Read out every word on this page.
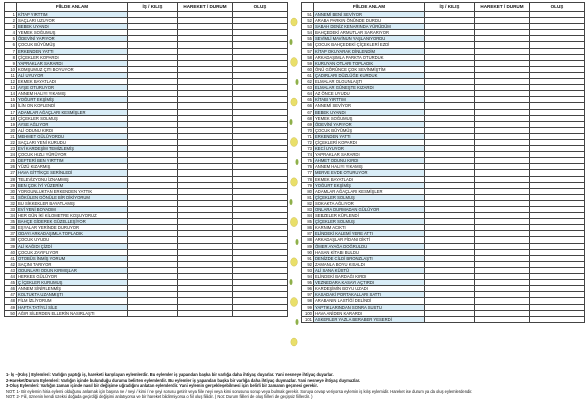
	FİİLDE ANLAM	İŞ / KILIŞ	HAREKET / DURUM	OLUŞ
1	KİTAP YIRTTIM			
2	SAÇLARI UZUYOR			
3	BEBEK UYANDI			
4	YEMEK SOĞUMUŞ			
5	ÖDEVİNİ YAPIYOR			
6	ÇOCUK BÜYÜMÜŞ			
7	ERKENDEN YATTI			
8	ÇİÇEKLER KOPARDI			
9	YAPRAKLAR SARARDI			
10	KOMŞUMUZ ÇITI BOYUYOR			
11	ALİ UYUYOR			
12	EKMEK BAYATLADI			
13	AYŞE OTURUYOR			
14	ANNEM HALIYI YIKAMIŞ			
15	YOĞURT EKŞİMİŞ			
16	İLİN ON KOFLENDİ			
17	ADAMLAR AĞAÇLARI KESMİŞLER			
18	ÇİÇEKLER SOLMUŞ			
19	AYSE AĞLIYOR			
20	ALİ ODUNU KIRDI			
21	MEHMET GÜLÜYORDU			
22	SAÇLARI YENİ KURUDU			
23	EVİ KARDEŞİM TEMİZLEMİŞ			
24	ÇOCUK HIZLI YÜRÜYOR			
25	DEFTERİ BEN YIRTTIM			
26	YÜZÜ KIZARMIŞ			
27	HAVA GİTTİKÇE SERİNLEDİ			
28	TELEVİZYONU İZNAMMIŞ			
29	BEN ÇOK İYİ YÜZERİM			
30	YORGUNLUKTAN ERKENDEN YATTIK			
31	SÖKÜLEN GÖNÜLE BİR DİKİYORUM			
32	BU SİKKEKLER BAYATLAMIŞ			
33	EVİ YENİ BOYADIM			
34	HER GÜN İKİ KİLOMETRE KOŞUYORUZ			
35	BAHÇE GİDEREK GÜZELLEŞİYOR			
36	EŞYALAR YERİNDE DURUYOR			
37	ODAYI ARKADAŞIMLA TOPLADIK			
38	ÇOCUK UYUDU			
39	ALİ KAĞIDI ÇİZDİ			
40	ÇOCUK ZAYIFLIYOR			
41	OTOBÜS İNMİŞ YORUM			
42	SAÇINI TARIYOR			
43	ODUNLARI ODUN KIRMIŞLAR			
44	HERKES GÜLÜYOR			
45	Ç İÇEKLER KURUMUŞ			
46	ANNEM SİNİRLENMİŞ			
47	KOLTUKTA UZANMIŞTI			
48	FİLM İZLİYORUM			
49	HAFTA TATİYLİ SİLE			
50	AĞIR SİLERDEN ELLERİN NASIRLAŞTI			
	FİİLDE ANLAM	İŞ / KILIŞ	HAREKET / DURUM	OLUŞ
51	ANNEMİ BENİ SEVİYOR			
52	ARABA PARKIN ÖNÜNDE DURDU			
53	SABAH DENİZ KENARINDA YÜRÜDÜM			
54	BAHÇEDEKİ ARMUTLAR SARARIYOR			
55	SEVİMLİ MAVİNUN YAŞLANIYORDU			
56	ÇOCUK BAHÇEDEKİ ÇİÇEKLERİ EZDİ			
57	KİTAP OKUYARAK DİNLENDİM			
58	ARKADAŞIMLA PARKTA OTURDUK			
59	KURUYAN OTLARI TOPLADIK			
60	ÖNÜ GÖRÜNCE ÇOK SEVİNMİŞTİM			
61	ÇADIRLARI DÜZLÜĞE KURDUK			
62	ELMALAR OLGUNLAŞTI			
63	ELMALAR GÜNEŞTE KIZARDI			
64	AZ ÖNCE UYUDU			
65	KİTABI YIRTTIM			
66	ANNEMİ SEVİYOR			
67	BEBEK UYANDI			
68	YEMEK SOĞUMUŞ			
69	ÖDEVİNİ YAPIYOR			
70	ÇOCUK BÜYÜMÜŞ			
71	ERKENDEN YATTI			
72	ÇİÇEKLERİ KOPARDI			
73	KECİ UYUYOR			
74	YAPRAKLAR SARARDI			
75	AHMET ODUNU KIRDI			
76	ANNEM HALIYI YIKAMIŞ			
77	MERVE EVDE OTURUYOR			
78	EKMEK BAYATLADI			
79	YOĞURT EKŞİMİŞ			
80	ADAMLAR AĞAÇLARI KESMİŞLER			
81	ÇİÇEKLER SOLMUŞ			
82	SOKAKTA AĞLIYOR			
83	ONLARA DURMADAN GÜLÜYOR			
84	SEBZELER KÜFLENDİ			
85	ÇİÇEKLER SOLMUŞ			
86	KARNIM ACIKTI			
87	ELİNDEKİ KALEMİ YERE ATTI			
88	ARKADAŞLAR FİDANI DİKTİ			
89	ÖMER AYAĞA DOĞRULDU			
90	HASAN KİTABI BULDU			
91	DENİZDE CİLDİ BRONZLAŞTI			
92	ZAMANLA BOYU KISALDI			
93	ALİ SANA KÜSTÜ			
94	ELİNDEKİ BARDAĞI KIRDI			
95	VEZNEDARA KASAYI AÇTIRDI			
96	KARDEŞİMİN BOYU UZADI			
97	KASADAKİ PORTAKALLARI SATTI			
98	ARABANIN LASTİĞİ DELİNDİ			
99	YAPTIKLARINDAN SONRA SUSTU			
100	HAVA ANİDEN KARARDI			
101	ASKERLER YAZLA BERABER YESERDİ			

1- İş –(Kılış ) Eylemleri: Varlığın yaptığı iş, hareketi karşılayan eylemlerdir. Bu eylemler iş yapandan başka bir varlığa daha ihtiyaç duyarlar. Yani nesneye ihtiyaç duyarlar.

2-Hareket/Durum Eylemleri: Varlığın içinde bulunduğu durumu belirten eylemlerdir. Bu eylemler iş yapandan başka bir varlığa daha ihtiyaç duymazlar. Yani nesneye ihtiyaç duymazlar.

3-Oluş Eylemleri: Varlığın zaman içinde nasıl bir değişime uğradığını anlatan eylemlerdir. Yani eylemin gerçekleşebilmesi için belirli bir zamanın geçmesi gerekir.

NOT: 1- Bir eylemin hiria eylemi olduğunu anlamak için başına ne / neyi / kimi / ne şeyi sorusu getirir veya fiile neyi veya kimi sorusunu sorup veya bulmak gerekir. Soruya cevap veriyorsa eylemin iş kılış eylemidir. Hareket ise durum ya da oluş eylemlerdendir.

NOT: 2- Fiil, öznenin kendi üzeksi doğada geçirdiği değişimi anlatıyorsa ve bir hareket bildirmiyorsa o fiil oluş fiilidir. ( Not: Durum fiilleri de oluş fiilleri de geçişsiz fiillerdir. )
